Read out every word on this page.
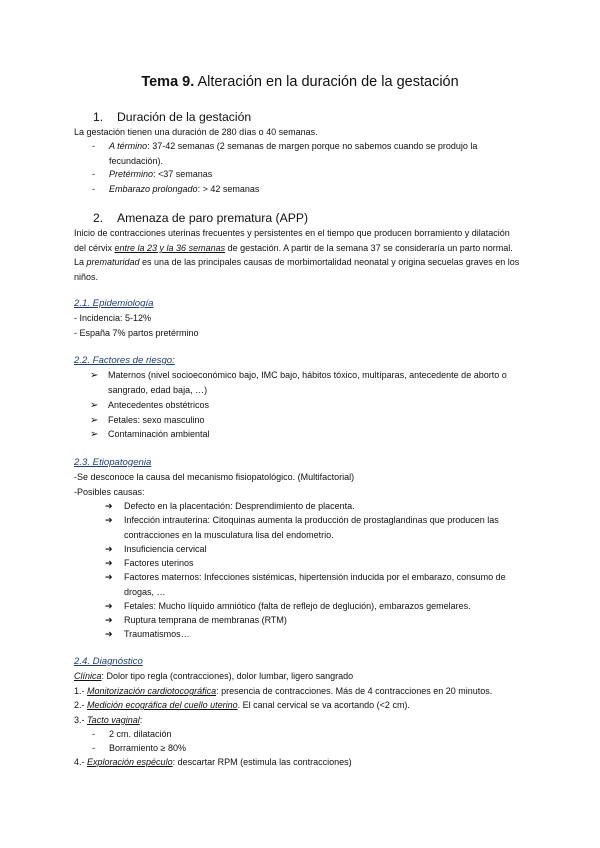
Tema 9. Alteración en la duración de la gestación
1. Duración de la gestación
La gestación tienen una duración de 280 días o 40 semanas.
- A término: 37-42 semanas (2 semanas de margen porque no sabemos cuando se produjo la
fecundación).
- Pretérmino: <37 semanas
- Embarazo prolongado: > 42 semanas
2. Amenaza de paro prematura (APP)
Inicio de contracciones uterinas frecuentes y persistentes en el tiempo que producen borramiento y dilatación
del cérvix entre la 23 y la 36 semanas de gestación. A partir de la semana 37 se consideraría un parto normal.
La prematuridad es una de las principales causas de morbimortalidad neonatal y origina secuelas graves en los
niños.
2.1. Epidemiología
- Incidencia: 5-12%
- España 7% partos pretérmino
2.2. Factores de riesgo:
➢ Maternos (nivel socioeconómico bajo, IMC bajo, hábitos tóxico, multíparas, antecedente de aborto o
sangrado, edad baja, …)
➢ Antecedentes obstétricos
➢ Fetales: sexo masculino
➢ Contaminación ambiental
2.3. Etiopatogenia
-Se desconoce la causa del mecanismo fisiopatológico. (Multifactorial)
-Posibles causas:
➔ Defecto en la placentación: Desprendimiento de placenta.
➔ Infección intrauterina: Citoquinas aumenta la producción de prostaglandinas que producen las
contracciones en la musculatura lisa del endometrio.
➔ Insuficiencia cervical
➔ Factores uterinos
➔ Factores maternos: Infecciones sistémicas, hipertensión inducida por el embarazo, consumo de
drogas, …
➔ Fetales: Mucho líquido amniótico (falta de reflejo de deglución), embarazos gemelares.
➔ Ruptura temprana de membranas (RTM)
➔ Traumatismos…
2.4. Diagnóstico
Clínica: Dolor tipo regla (contracciones), dolor lumbar, ligero sangrado
1.- Monitorización cardiotocográfica: presencia de contracciones. Más de 4 contracciones en 20 minutos.
2.- Medición ecográfica del cuello uterino. El canal cervical se va acortando (<2 cm).
3.- Tacto vaginal:
- 2 cm. dilatación
- Borramiento ≥ 80%
4.- Exploración espéculo: descartar RPM (estimula las contracciones)
